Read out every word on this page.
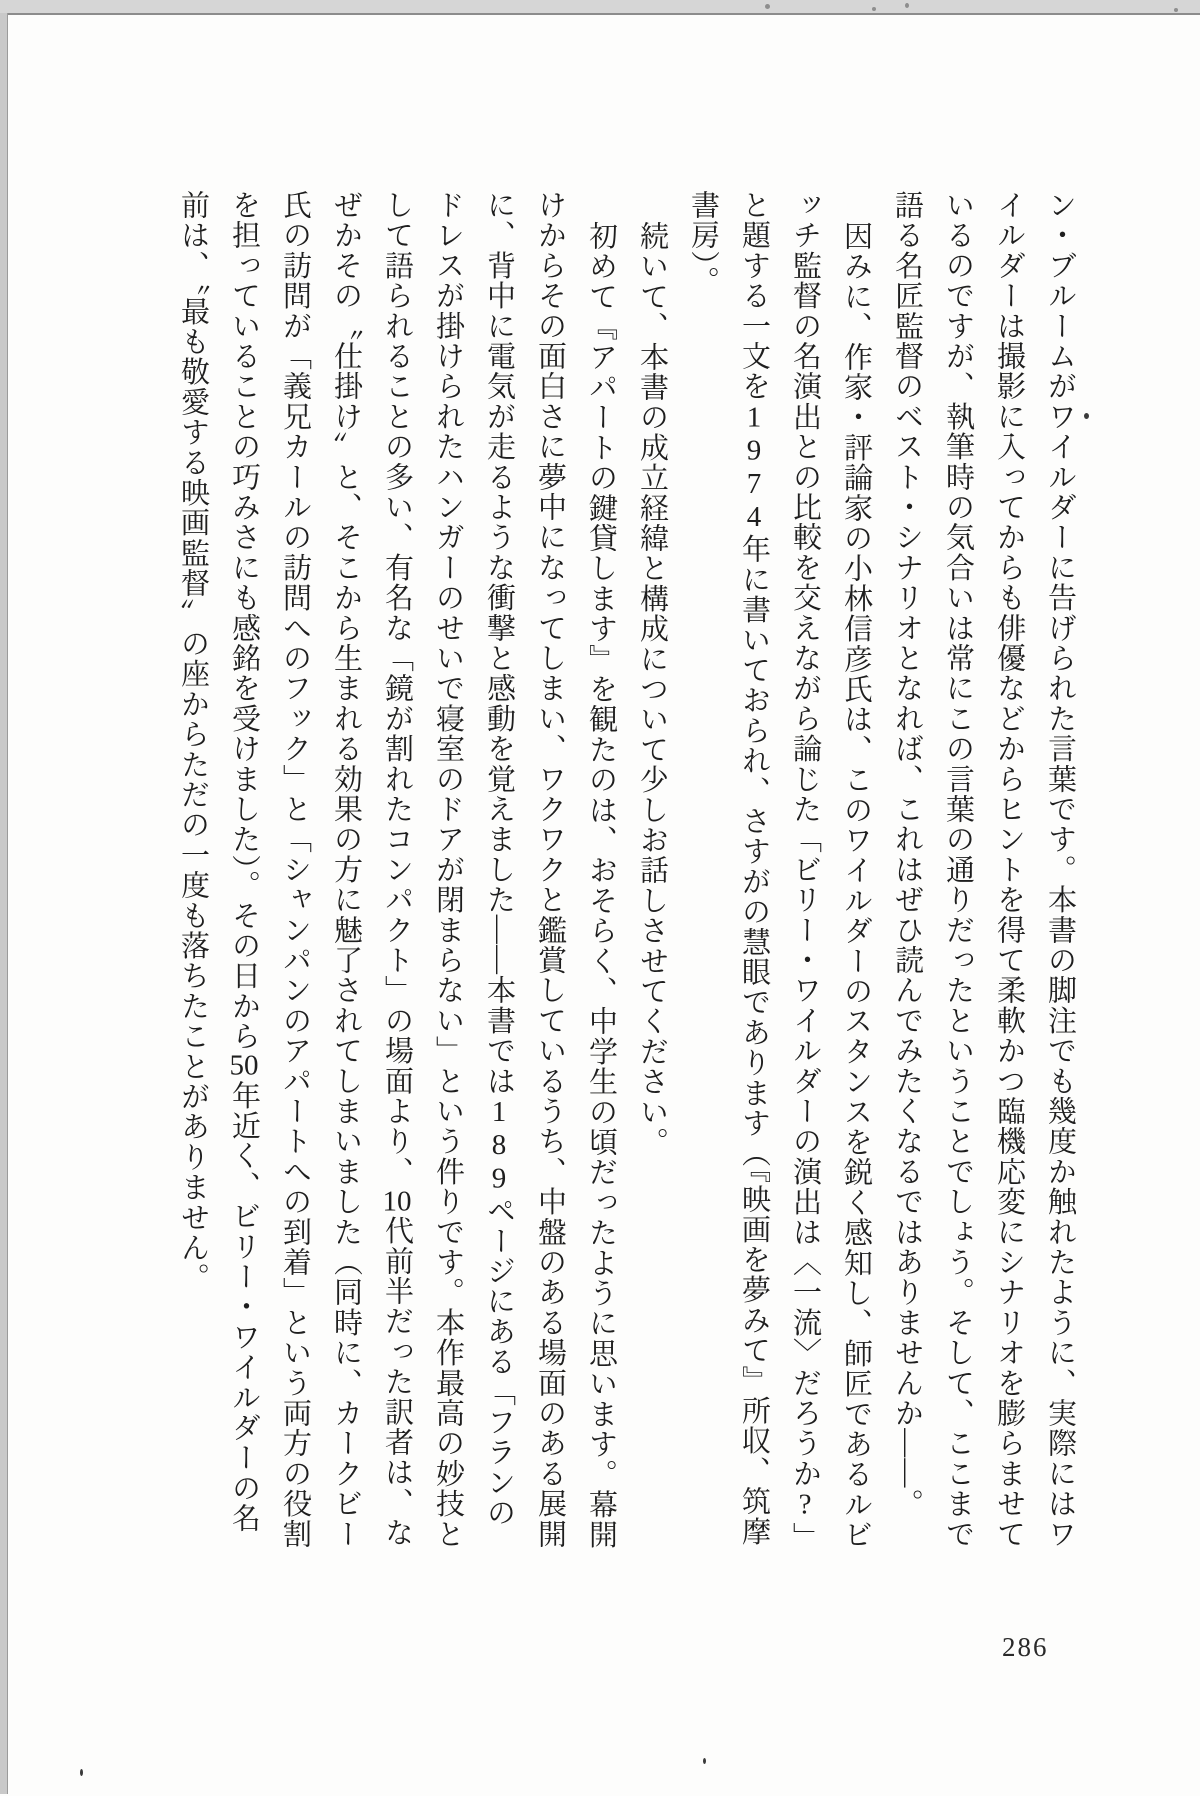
ン・ブルームがワイルダーに告げられた言葉です。本書の脚注でも幾度か触れたように、実際にはワイルダーは撮影に入ってからも俳優などからヒントを得て柔軟かつ臨機応変にシナリオを膨らませているのですが、執筆時の気合いは常にこの言葉の通りだったということでしょう。そして、ここまで語る名匠監督のベスト・シナリオとなれば、これはぜひ読んでみたくなるではありませんか——。

因みに、作家・評論家の小林信彦氏は、このワイルダーのスタンスを鋭く感知し、師匠であるルビッチ監督の名演出との比較を交えながら論じた「ビリー・ワイルダーの演出は〈一流〉だろうか?」と題する一文を1974年に書いておられ、さすがの慧眼であります（『映画を夢みて』所収、筑摩書房）。

続いて、本書の成立経緯と構成について少しお話しさせてください。

初めて『アパートの鍵貸します』を観たのは、おそらく、中学生の頃だったように思います。幕開けからその面白さに夢中になってしまい、ワクワクと鑑賞しているうち、中盤のある場面のある展開に、背中に電気が走るような衝撃と感動を覚えました——本書では189ページにある「フランのドレスが掛けられたハンガーのせいで寝室のドアが閉まらない」という件りです。本作最高の妙技として語られることの多い、有名な「鏡が割れたコンパクト」の場面より、10代前半だった訳者は、なぜかその〝仕掛け〟と、そこから生まれる効果の方に魅了されてしまいました（同時に、カークビー氏の訪問が「義兄カールの訪問へのフック」と「シャンパンのアパートへの到着」という両方の役割を担っていることの巧みさにも感銘を受けました）。その日から50年近く、ビリー・ワイルダーの名前は、〝最も敬愛する映画監督〟の座からただの一度も落ちたことがありません。

286
